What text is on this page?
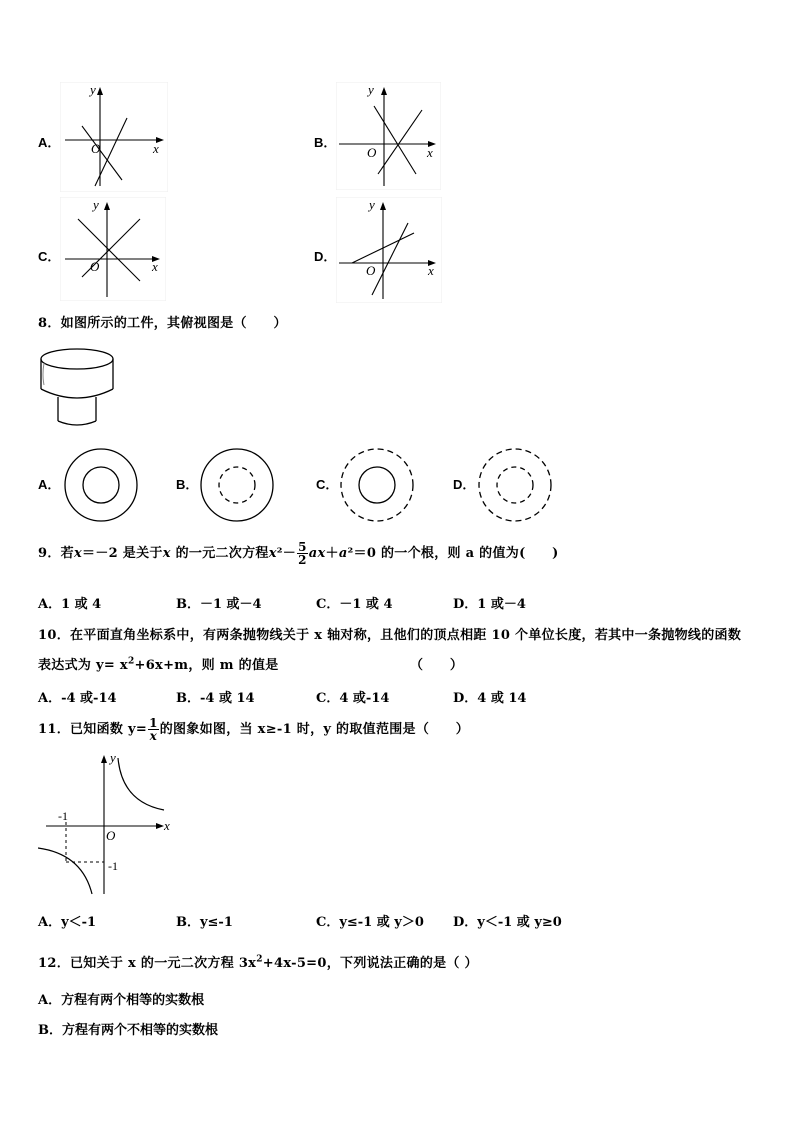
A．
y
x
O	B．
y
x
O
C．
y
x
O
D．
y
x
O
8．如图所示的工件，其俯视图是（　　）
A．	B．	C．	D．
9．若x＝－2 是关于x 的一元二次方程$x^2- \frac{5}{2} ax+a^2=0$ 的一个根，则 a 的值为(　　)
A．1 或 4	B．－1 或－4	C．－1 或 4	D．1 或－4
10．在平面直角坐标系中，有两条抛物线关于 x 轴对称，且他们的顶点相距 10 个单位长度，若其中一条抛物线的函数
表达式为 $y= x^2+6x+m$，则 m 的值是	（　　）
A．-4 或-14	B．-4 或 14	C．4 或-14	D．4 或 14
11．已知函数 $y= \frac{1}{x}$ 的图象如图，当 x≥-1 时，y 的取值范围是（　　）
y
x
O
-1
-1
A．y＜-1	B．y≤-1	C．y≤-1 或 y＞0 D．y＜-1 或 y≥0
12．已知关于 x 的一元二次方程 $3x^2+4x-5=0$，下列说法正确的是（ ）
A．方程有两个相等的实数根
B．方程有两个不相等的实数根
